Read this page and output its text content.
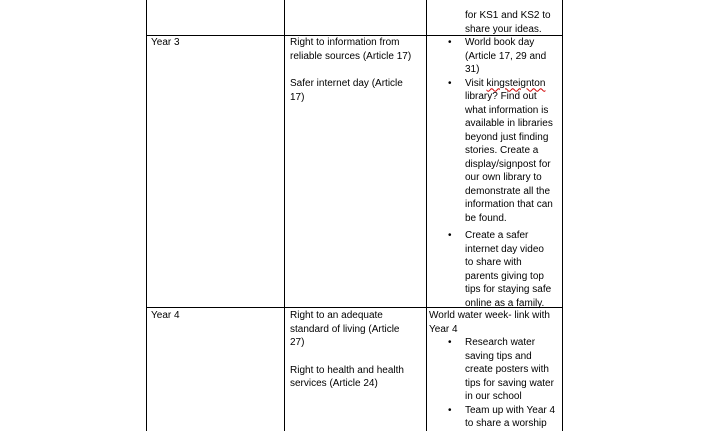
for KS1 and KS2 to
share your ideas.
Year 3	Right to information from
reliable sources (Article 17)

Safer internet day (Article
17)

• World book day
(Article 17, 29 and
31)
• Visit kingsteignton
library? Find out
what information is
available in libraries
beyond just finding
stories. Create a
display/signpost for
our own library to
demonstrate all the
information that can
be found.
• Create a safer
internet day video
to share with
parents giving top
tips for staying safe
online as a family.
Year 4	Right to an adequate
standard of living (Article
27)

Right to health and health
services (Article 24)

World water week- link with
Year 4

• Research water
saving tips and
create posters with
tips for saving water
in our school
• Team up with Year 4
to share a worship
